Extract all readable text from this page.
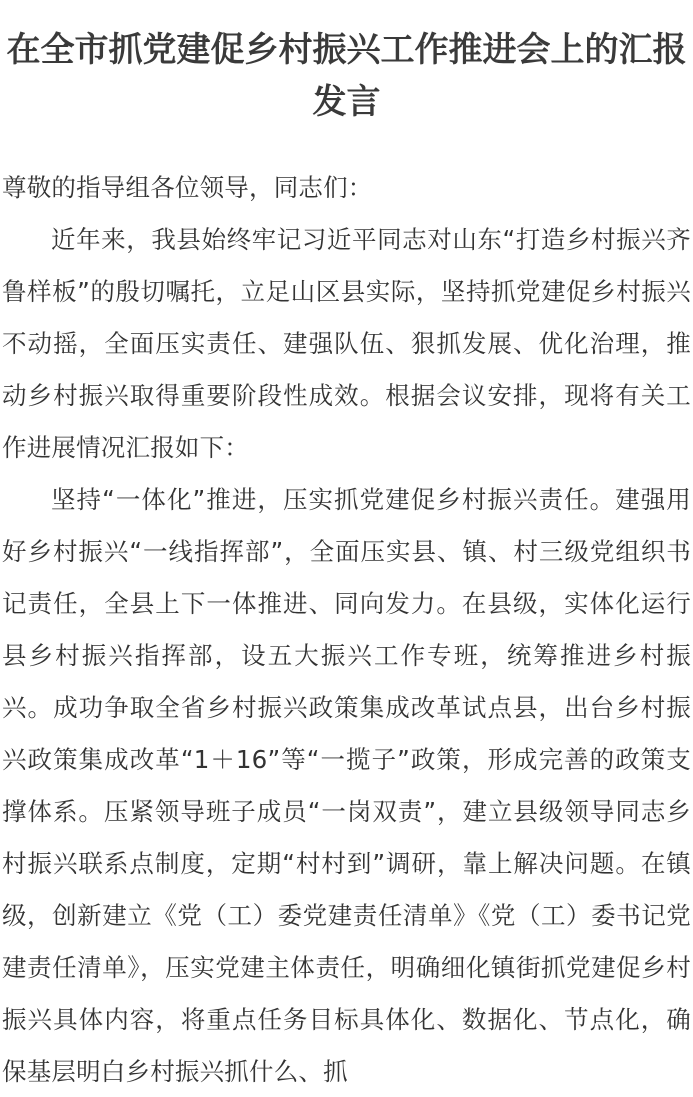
在全市抓党建促乡村振兴工作推进会上的汇报发言

尊敬的指导组各位领导，同志们：

近年来，我县始终牢记习近平同志对山东“打造乡村振兴齐鲁样板”的殷切嘱托，立足山区县实际，坚持抓党建促乡村振兴不动摇，全面压实责任、建强队伍、狠抓发展、优化治理，推动乡村振兴取得重要阶段性成效。根据会议安排，现将有关工作进展情况汇报如下：

坚持“一体化”推进，压实抓党建促乡村振兴责任。建强用好乡村振兴“一线指挥部”，全面压实县、镇、村三级党组织书记责任，全县上下一体推进、同向发力。在县级，实体化运行县乡村振兴指挥部，设五大振兴工作专班，统筹推进乡村振兴。成功争取全省乡村振兴政策集成改革试点县，出台乡村振兴政策集成改革“1＋16”等“一揽子”政策，形成完善的政策支撑体系。压紧领导班子成员“一岗双责”，建立县级领导同志乡村振兴联系点制度，定期“村村到”调研，靠上解决问题。在镇级，创新建立《党（工）委党建责任清单》《党（工）委书记党建责任清单》，压实党建主体责任，明确细化镇街抓党建促乡村振兴具体内容，将重点任务目标具体化、数据化、节点化，确保基层明白乡村振兴抓什么、抓
